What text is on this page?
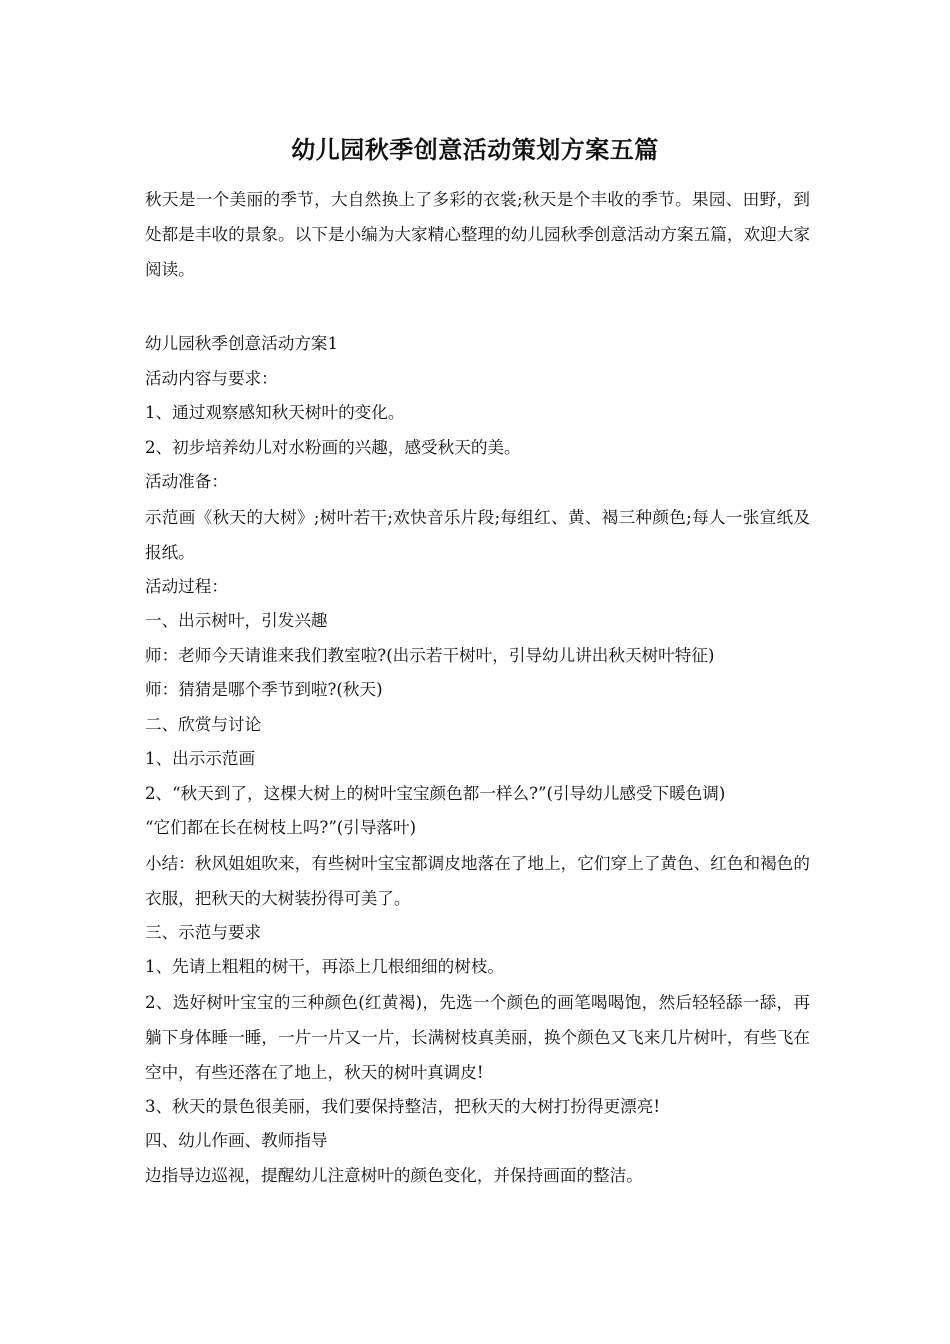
幼儿园秋季创意活动策划方案五篇

秋天是一个美丽的季节，大自然换上了多彩的衣裳;秋天是个丰收的季节。果园、田野，到处都是丰收的景象。以下是小编为大家精心整理的幼儿园秋季创意活动方案五篇，欢迎大家阅读。

幼儿园秋季创意活动方案1

活动内容与要求：

1、通过观察感知秋天树叶的变化。

2、初步培养幼儿对水粉画的兴趣，感受秋天的美。

活动准备：

示范画《秋天的大树》;树叶若干;欢快音乐片段;每组红、黄、褐三种颜色;每人一张宣纸及报纸。

活动过程：

一、出示树叶，引发兴趣

师：老师今天请谁来我们教室啦?(出示若干树叶，引导幼儿讲出秋天树叶特征)

师：猜猜是哪个季节到啦?(秋天)

二、欣赏与讨论

1、出示示范画

2、“秋天到了，这棵大树上的树叶宝宝颜色都一样么?”(引导幼儿感受下暖色调)

“它们都在长在树枝上吗?”(引导落叶)

小结：秋风姐姐吹来，有些树叶宝宝都调皮地落在了地上，它们穿上了黄色、红色和褐色的衣服，把秋天的大树装扮得可美了。

三、示范与要求

1、先请上粗粗的树干，再添上几根细细的树枝。

2、选好树叶宝宝的三种颜色(红黄褐)，先选一个颜色的画笔喝喝饱，然后轻轻舔一舔，再躺下身体睡一睡，一片一片又一片，长满树枝真美丽，换个颜色又飞来几片树叶，有些飞在空中，有些还落在了地上，秋天的树叶真调皮!

3、秋天的景色很美丽，我们要保持整洁，把秋天的大树打扮得更漂亮!

四、幼儿作画、教师指导

边指导边巡视，提醒幼儿注意树叶的颜色变化，并保持画面的整洁。
